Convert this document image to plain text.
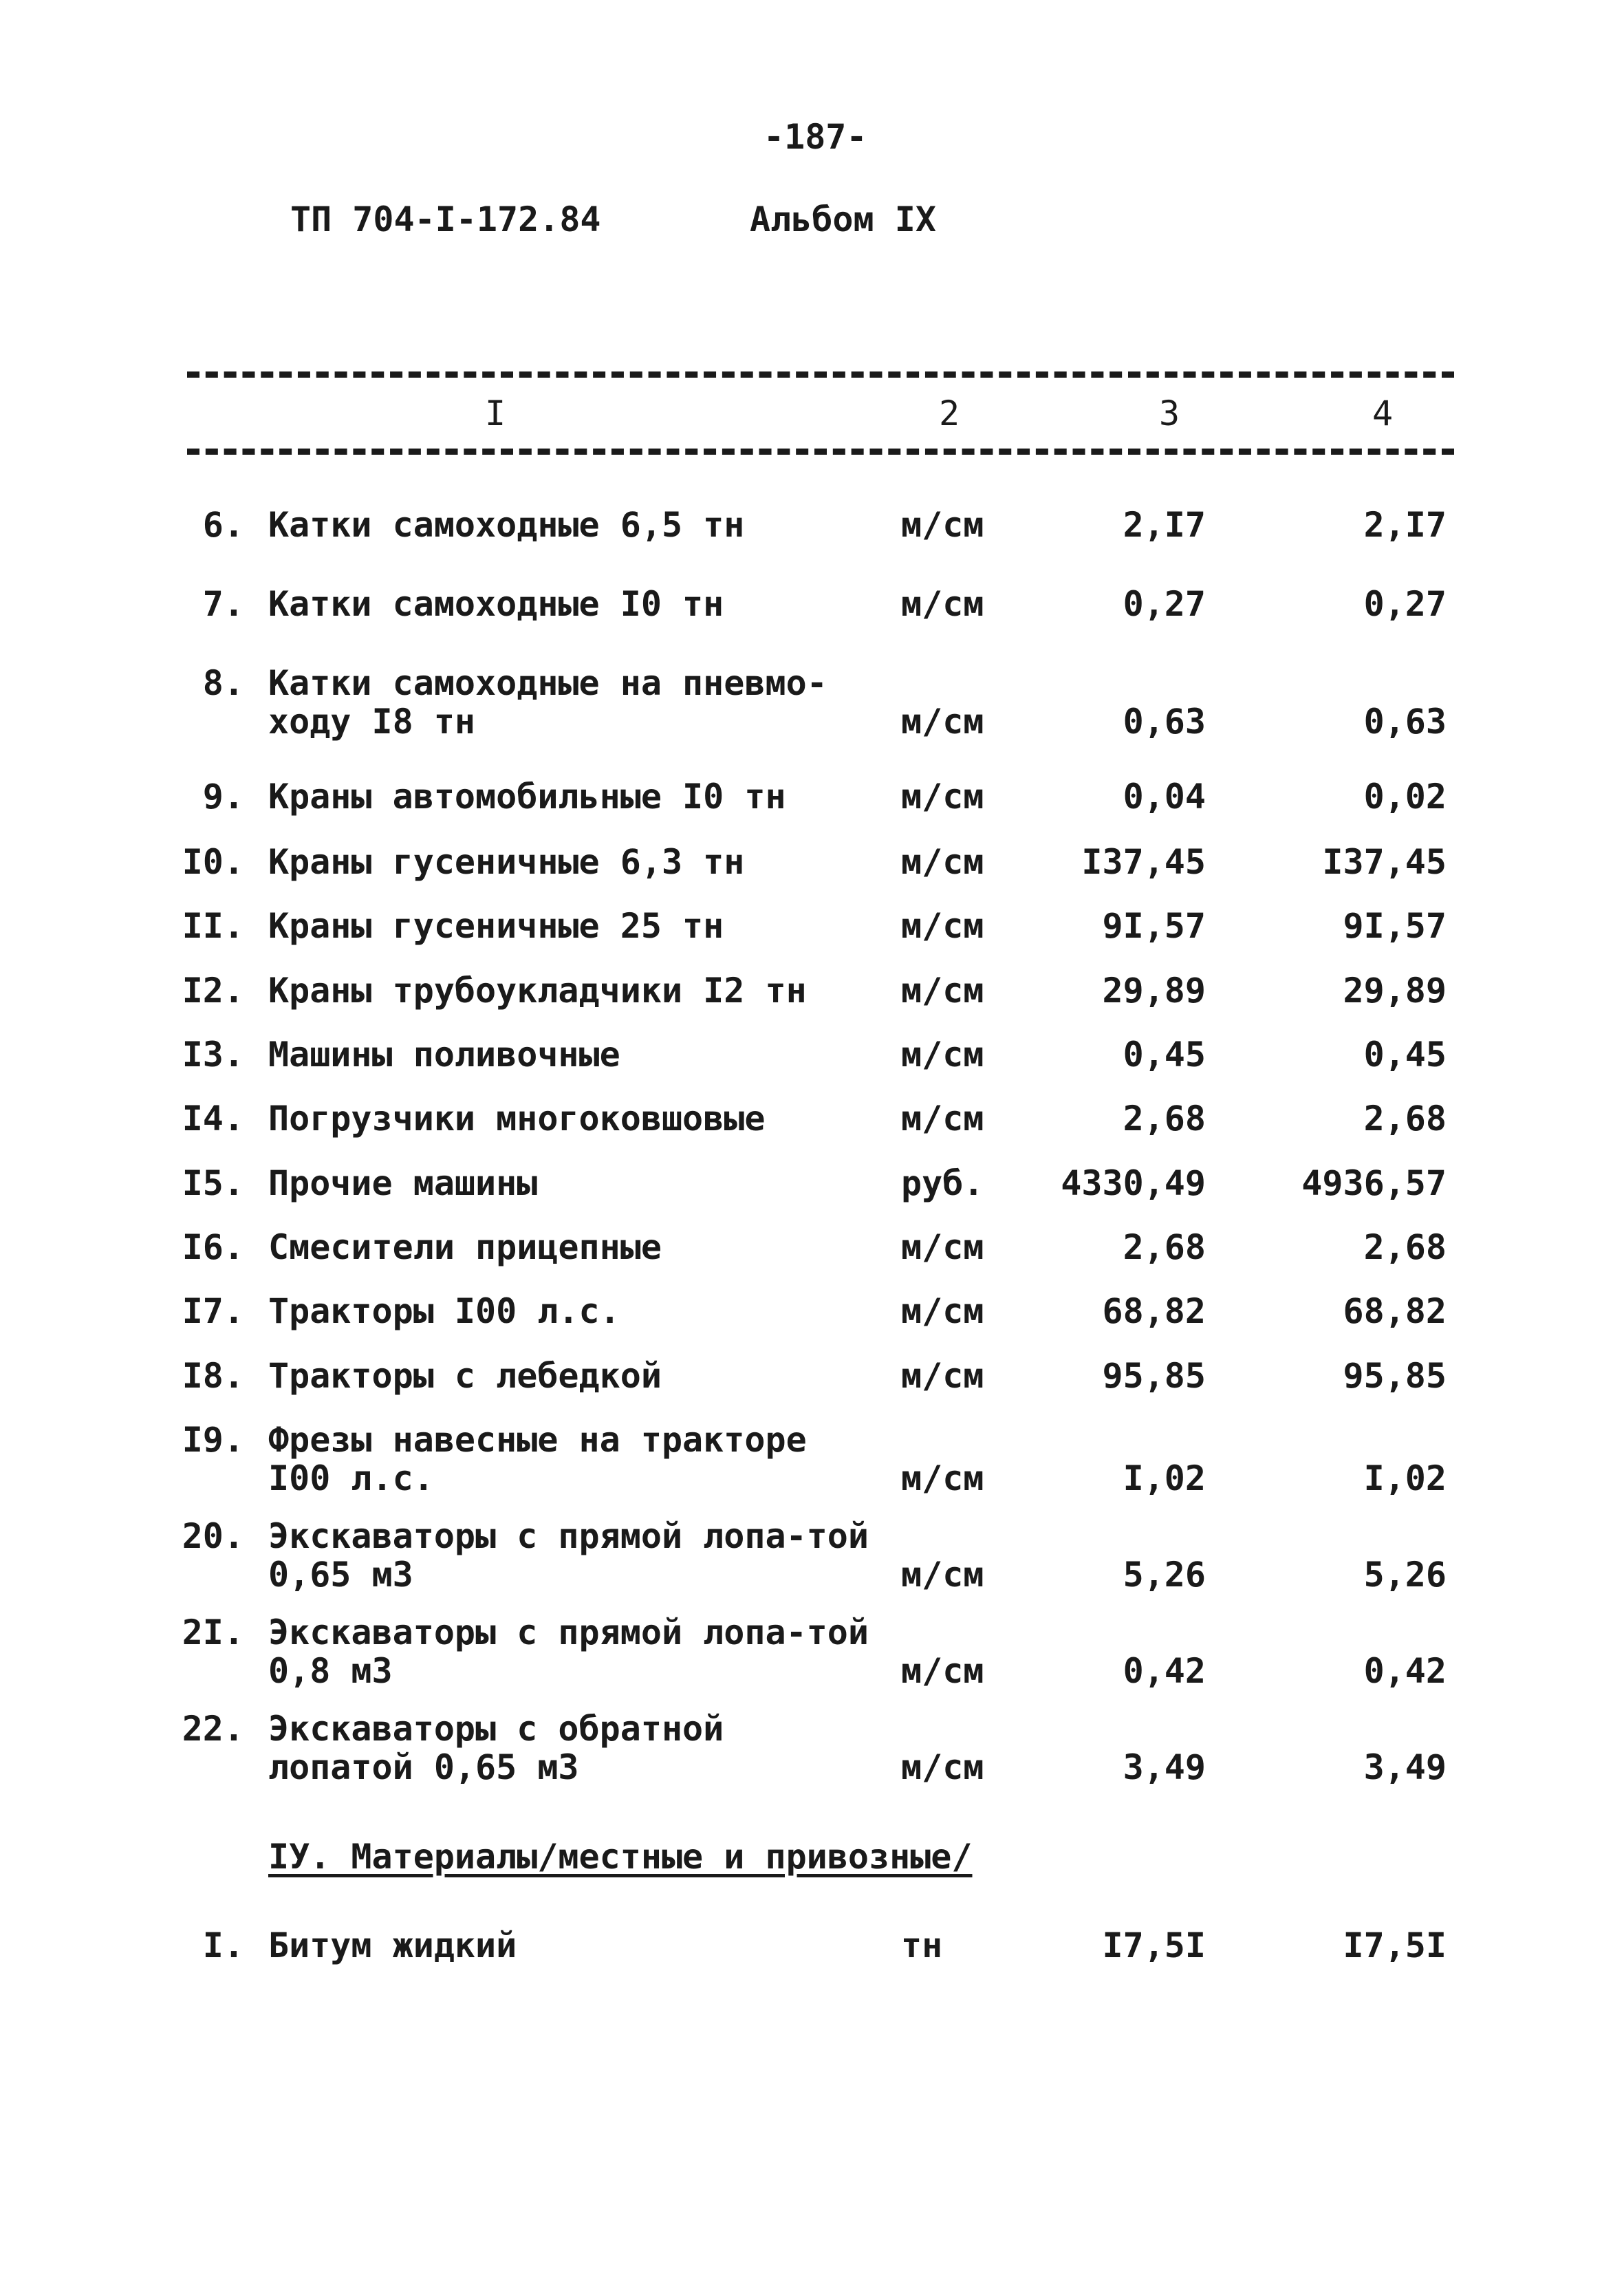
-187-
ТП 704-I-172.84	Альбом IX
I	2	3	4
6. Катки самоходные 6,5 тн	м/см	2,I7	2,I7
7. Катки самоходные I0 тн	м/см	0,27	0,27
8. Катки самоходные на пневмо-ходу I8 тн	м/см	0,63	0,63
9. Краны автомобильные I0 тн	м/см	0,04	0,02
I0. Краны гусеничные 6,3 тн	м/см	I37,45	I37,45
II. Краны гусеничные 25 тн	м/см	9I,57	9I,57
I2. Краны трубоукладчики I2 тн	м/см	29,89	29,89
I3. Машины поливочные	м/см	0,45	0,45
I4. Погрузчики многоковшовые	м/см	2,68	2,68
I5. Прочие машины	руб. 4330,49	4936,57
I6. Смесители прицепные	м/см	2,68	2,68
I7. Тракторы I00 л.с.	м/см	68,82	68,82
I8. Тракторы с лебедкой	м/см	95,85	95,85
I9. Фрезы навесные на тракторе I00 л.с.	м/см	I,02	I,02
20. Экскаваторы с прямой лопа-той 0,65 м3	м/см	5,26	5,26
2I. Экскаваторы с прямой лопа-той 0,8 м3	м/см	0,42	0,42
22. Экскаваторы с обратной лопатой 0,65 м3	м/см	3,49	3,49
I. Битум жидкий	тн	I7,5I	I7,5I
IУ. Материалы/местные и привозные/
